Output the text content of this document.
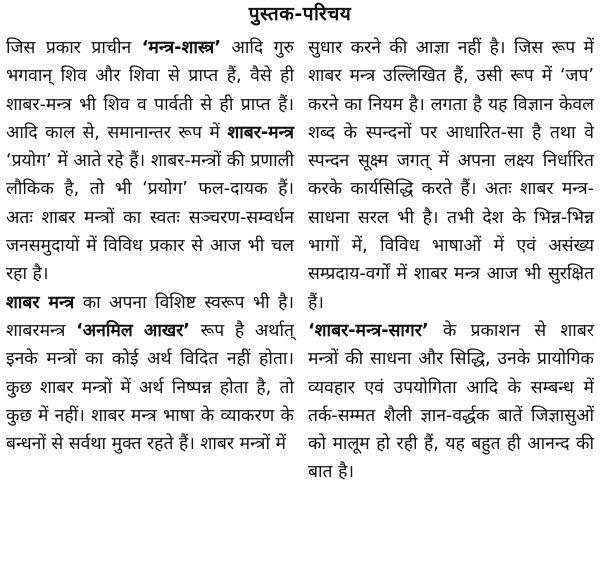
पुस्तक-परिचय

जिस प्रकार प्राचीन ‘मन्त्र-शास्त्र’ आदि गुरु भगवान् शिव और शिवा से प्राप्त हैं, वैसे ही शाबर-मन्त्र भी शिव व पार्वती से ही प्राप्त हैं। आदि काल से, समानान्तर रूप में शाबर-मन्त्र ‘प्रयोग’ में आते रहे हैं। शाबर-मन्त्रों की प्रणाली लौकिक है, तो भी ‘प्रयोग’ फल-दायक हैं। अतः शाबर मन्त्रों का स्वतः सञ्चरण-सम्वर्धन जनसमुदायों में विविध प्रकार से आज भी चल रहा है।

शाबर मन्त्र का अपना विशिष्ट स्वरूप भी है। शाबरमन्त्र ‘अनमिल आखर’ रूप है अर्थात् इनके मन्त्रों का कोई अर्थ विदित नहीं होता। कुछ शाबर मन्त्रों में अर्थ निष्पन्न होता है, तो कुछ में नहीं। शाबर मन्त्र भाषा के व्याकरण के बन्धनों से सर्वथा मुक्त रहते हैं। शाबर मन्त्रों में

सुधार करने की आज्ञा नहीं है। जिस रूप में शाबर मन्त्र उल्लिखित हैं, उसी रूप में ‘जप’ करने का नियम है। लगता है यह विज्ञान केवल शब्द के स्पन्दनों पर आधारित-सा है तथा वे स्पन्दन सूक्ष्म जगत् में अपना लक्ष्य निर्धारित करके कार्यसिद्धि करते हैं। अतः शाबर मन्त्र-साधना सरल भी है। तभी देश के भिन्न-भिन्न भागों में, विविध भाषाओं में एवं असंख्य सम्प्रदाय-वर्गों में शाबर मन्त्र आज भी सुरक्षित हैं।

‘शाबर-मन्त्र-सागर’ के प्रकाशन से शाबर मन्त्रों की साधना और सिद्धि, उनके प्रायोगिक व्यवहार एवं उपयोगिता आदि के सम्बन्ध में तर्क-सम्मत शैली ज्ञान-वर्द्धक बातें जिज्ञासुओं को मालूम हो रही हैं, यह बहुत ही आनन्द की बात है।
